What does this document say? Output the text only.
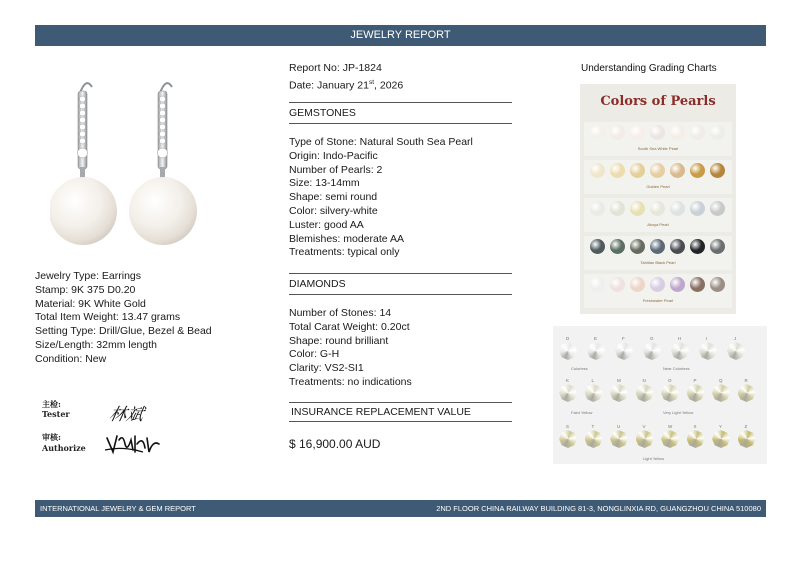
JEWELRY REPORT
Jewelry Type: Earrings
Stamp: 9K 375 D0.20
Material: 9K White Gold
Total Item Weight: 13.47 grams
Setting Type: Drill/Glue, Bezel & Bead
Size/Length: 32mm length
Condition: New
主检:
Tester
审核:
Authorize
林斌
Report No: JP-1824
Date: January 21st, 2026
GEMSTONES
Type of Stone: Natural South Sea Pearl
Origin: Indo-Pacific
Number of Pearls: 2
Size: 13-14mm
Shape: semi round
Color: silvery-white
Luster: good AA
Blemishes: moderate AA
Treatments: typical only
DIAMONDS
Number of Stones: 14
Total Carat Weight: 0.20ct
Shape: round brilliant
Color: G-H
Clarity: VS2-SI1
Treatments: no indications
INSURANCE REPLACEMENT VALUE
$ 16,900.00 AUD
Understanding Grading Charts
Colors of Pearls
South Sea White Pearl
Golden Pearl
Akoya Pearl
Tahitian Black Pearl
Freshwater Pearl
D	E	F	G	H	I	J
K	L	M	N	O	P	Q	R
S	T	U	V	W	X	Y	Z
Colorless	Near Colorless
Faint Yellow	Very Light Yellow
Light Yellow
INTERNATIONAL JEWELRY & GEM REPORT	2ND FLOOR CHINA RAILWAY BUILDING 81-3, NONGLINXIA RD, GUANGZHOU CHINA 510080
